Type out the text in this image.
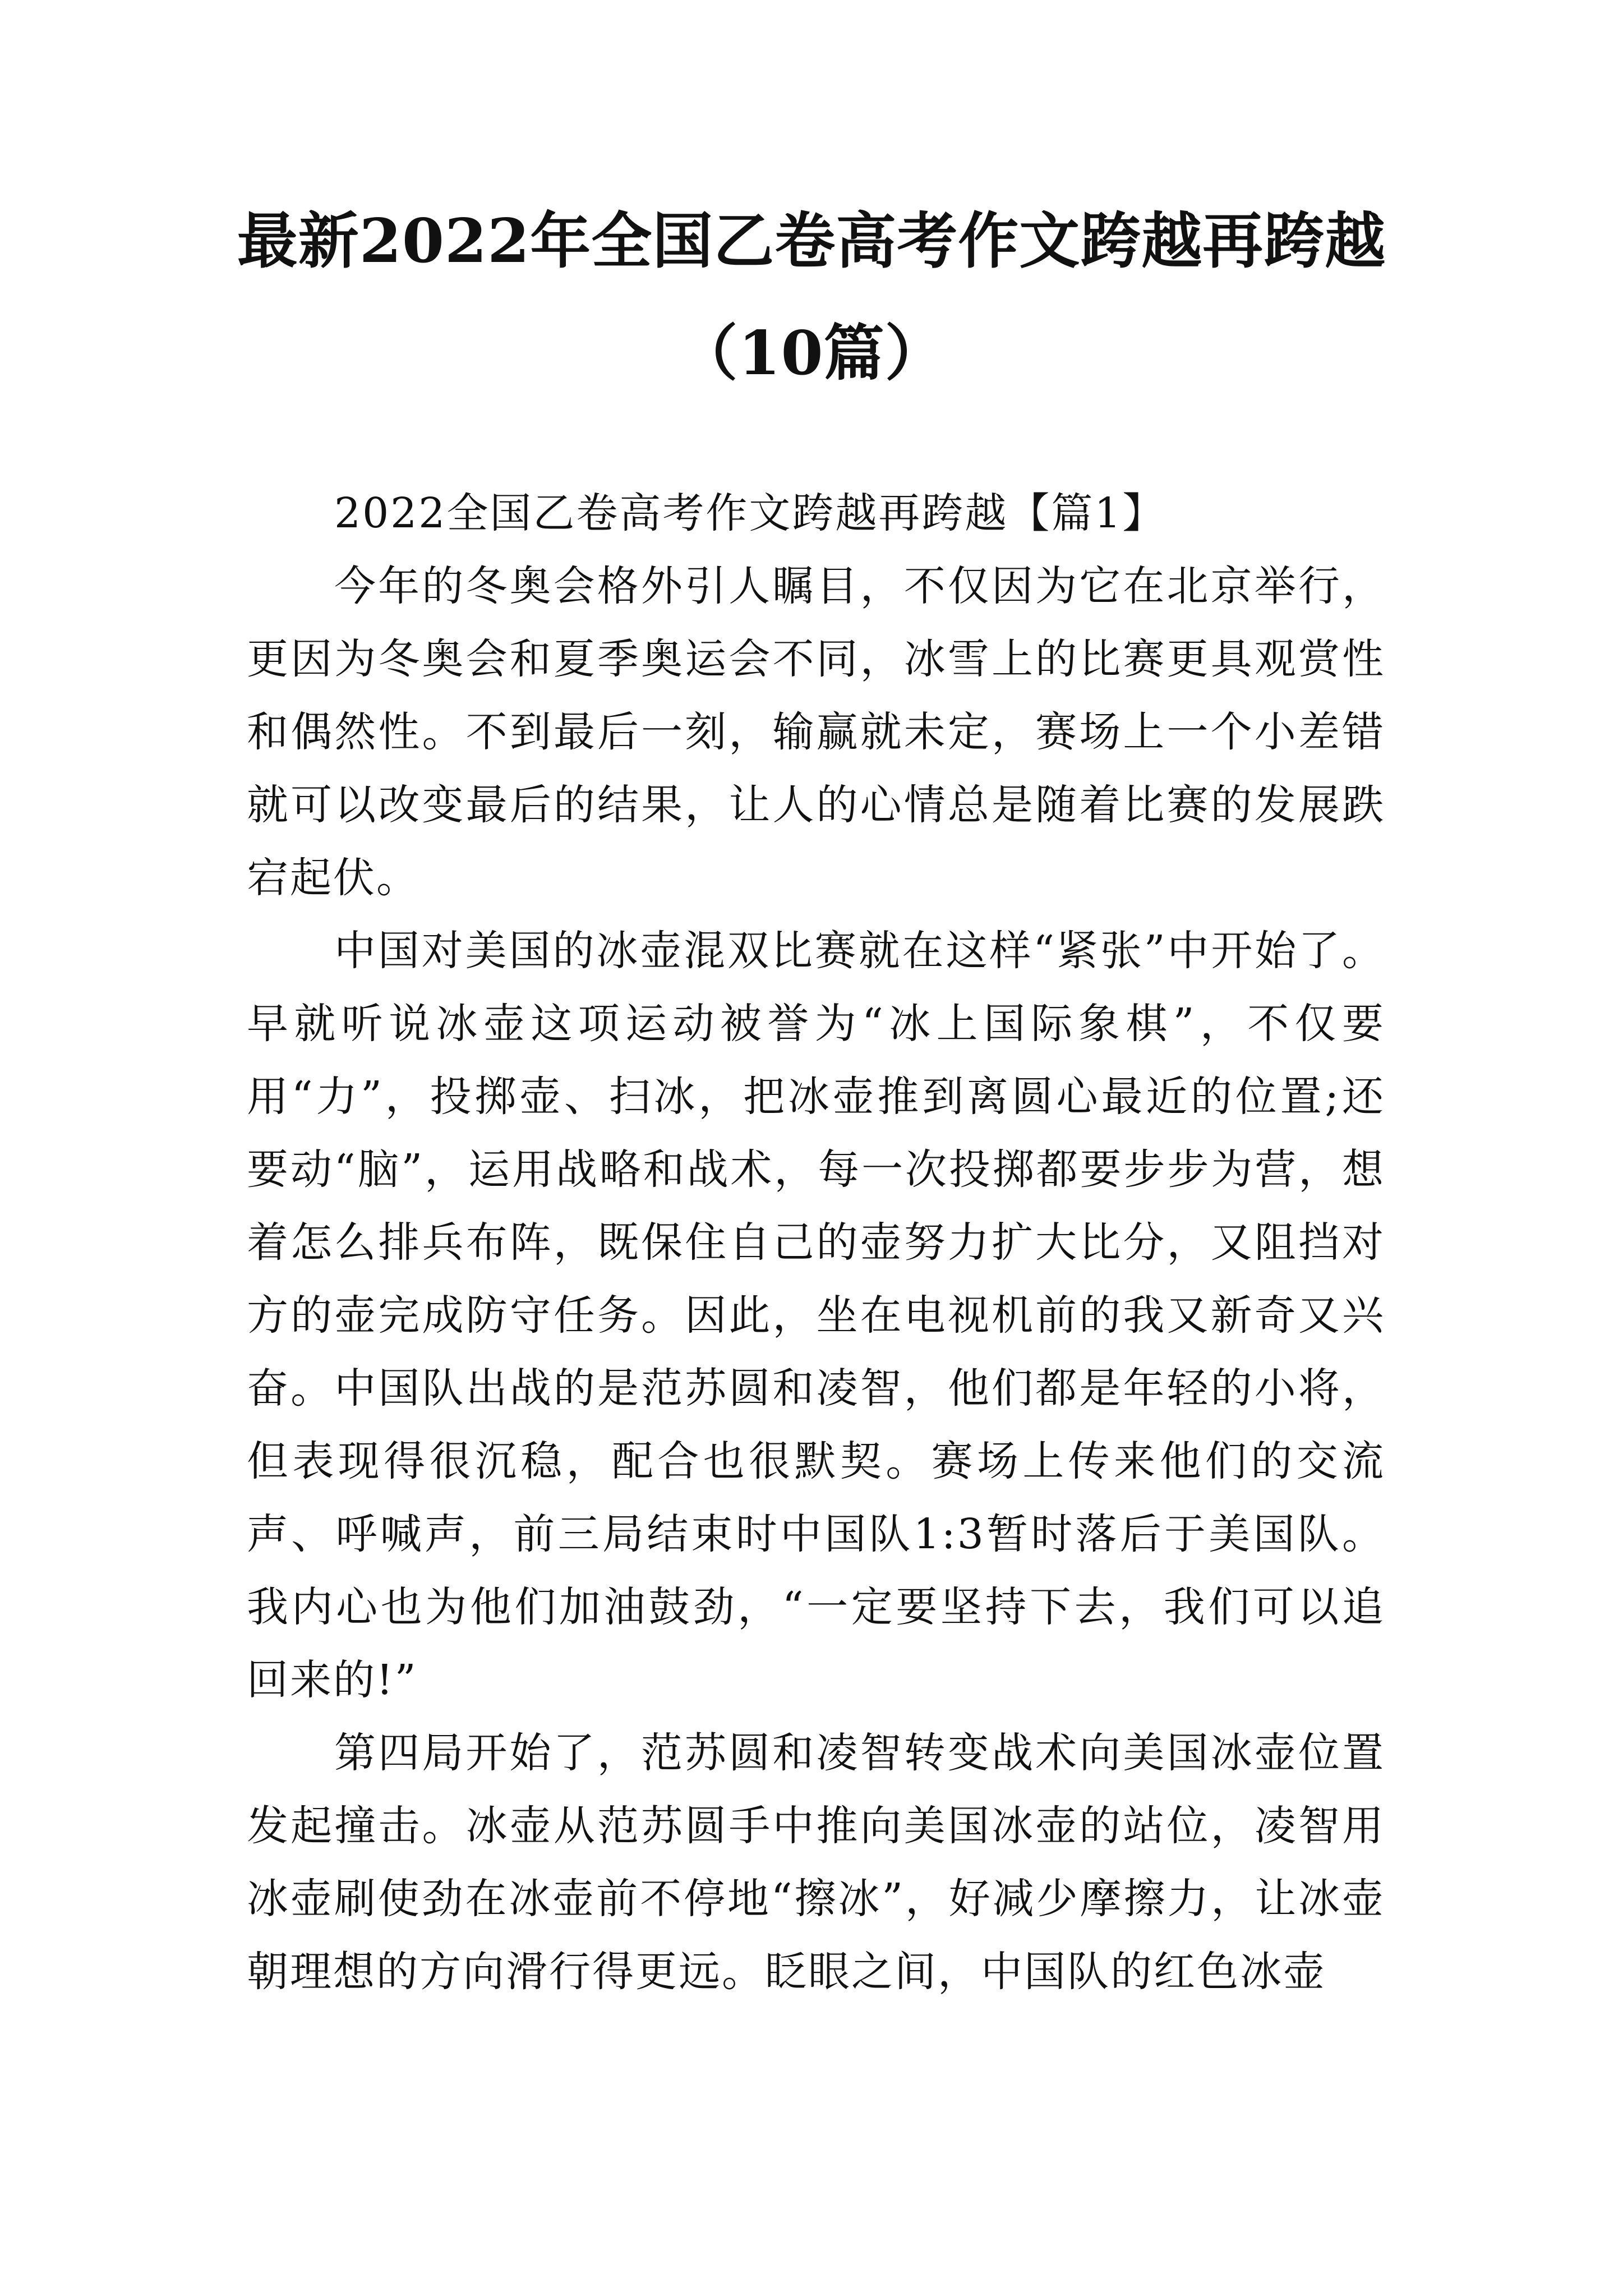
最新2022年全国乙卷高考作文跨越再跨越
（10篇）
2022全国乙卷高考作文跨越再跨越【篇1】

今年的冬奥会格外引人瞩目，不仅因为它在北京举行，更因为冬奥会和夏季奥运会不同，冰雪上的比赛更具观赏性和偶然性。不到最后一刻，输赢就未定，赛场上一个小差错就可以改变最后的结果，让人的心情总是随着比赛的发展跌宕起伏。

中国对美国的冰壶混双比赛就在这样“紧张”中开始了。早就听说冰壶这项运动被誉为“冰上国际象棋”，不仅要用“力”，投掷壶、扫冰，把冰壶推到离圆心最近的位置;还要动“脑”，运用战略和战术，每一次投掷都要步步为营，想着怎么排兵布阵，既保住自己的壶努力扩大比分，又阻挡对方的壶完成防守任务。因此，坐在电视机前的我又新奇又兴奋。中国队出战的是范苏圆和凌智，他们都是年轻的小将，但表现得很沉稳，配合也很默契。赛场上传来他们的交流声、呼喊声，前三局结束时中国队1:3暂时落后于美国队。我内心也为他们加油鼓劲，“一定要坚持下去，我们可以追回来的!”

第四局开始了，范苏圆和凌智转变战术向美国冰壶位置发起撞击。冰壶从范苏圆手中推向美国冰壶的站位，凌智用冰壶刷使劲在冰壶前不停地“擦冰”，好减少摩擦力，让冰壶朝理想的方向滑行得更远。眨眼之间，中国队的红色冰壶
